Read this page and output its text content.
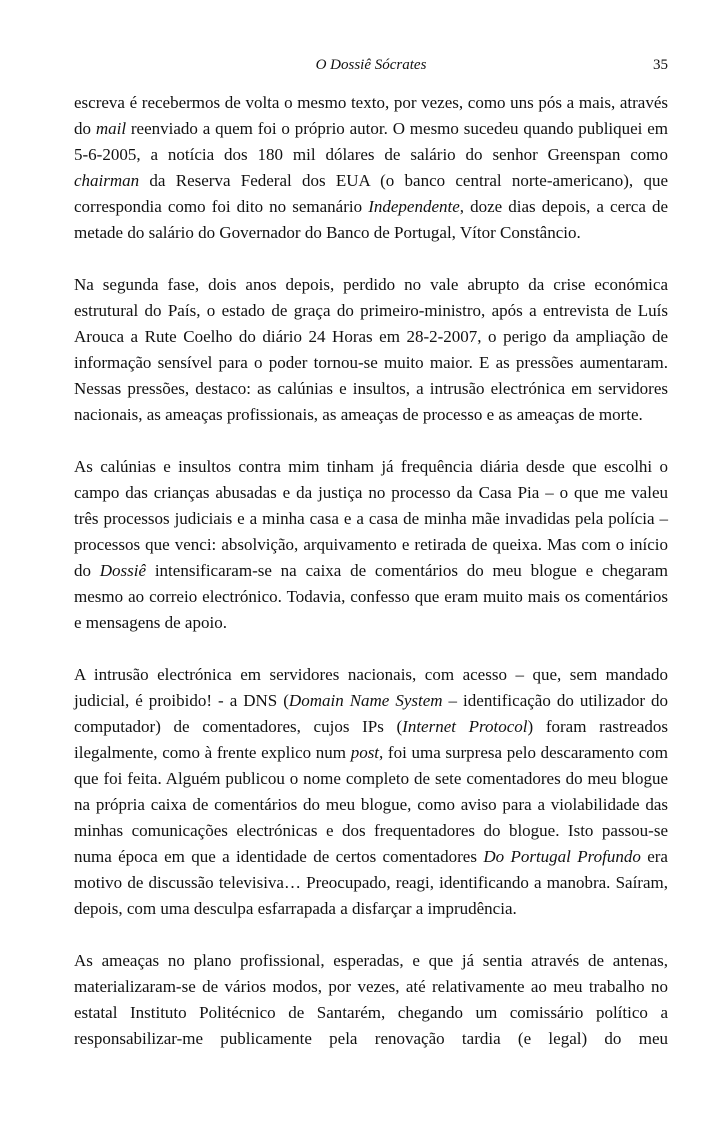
O Dossiê Sócrates	35

escreva é recebermos de volta o mesmo texto, por vezes, como uns pós a mais, através do mail reenviado a quem foi o próprio autor. O mesmo sucedeu quando publiquei em 5-6-2005, a notícia dos 180 mil dólares de salário do senhor Greenspan como chairman da Reserva Federal dos EUA (o banco central norte-americano), que correspondia como foi dito no semanário Independente, doze dias depois, a cerca de metade do salário do Governador do Banco de Portugal, Vítor Constâncio.

Na segunda fase, dois anos depois, perdido no vale abrupto da crise económica estrutural do País, o estado de graça do primeiro-ministro, após a entrevista de Luís Arouca a Rute Coelho do diário 24 Horas em 28-2-2007, o perigo da ampliação de informação sensível para o poder tornou-se muito maior. E as pressões aumentaram. Nessas pressões, destaco: as calúnias e insultos, a intrusão electrónica em servidores nacionais, as ameaças profissionais, as ameaças de processo e as ameaças de morte.

As calúnias e insultos contra mim tinham já frequência diária desde que escolhi o campo das crianças abusadas e da justiça no processo da Casa Pia – o que me valeu três processos judiciais e a minha casa e a casa de minha mãe invadidas pela polícia – processos que venci: absolvição, arquivamento e retirada de queixa. Mas com o início do Dossiê intensificaram-se na caixa de comentários do meu blogue e chegaram mesmo ao correio electrónico. Todavia, confesso que eram muito mais os comentários e mensagens de apoio.

A intrusão electrónica em servidores nacionais, com acesso – que, sem mandado judicial, é proibido! - a DNS (Domain Name System – identificação do utilizador do computador) de comentadores, cujos IPs (Internet Protocol) foram rastreados ilegalmente, como à frente explico num post, foi uma surpresa pelo descaramento com que foi feita. Alguém publicou o nome completo de sete comentadores do meu blogue na própria caixa de comentários do meu blogue, como aviso para a violabilidade das minhas comunicações electrónicas e dos frequentadores do blogue. Isto passou-se numa época em que a identidade de certos comentadores Do Portugal Profundo era motivo de discussão televisiva… Preocupado, reagi, identificando a manobra. Saíram, depois, com uma desculpa esfarrapada a disfarçar a imprudência.

As ameaças no plano profissional, esperadas, e que já sentia através de antenas, materializaram-se de vários modos, por vezes, até relativamente ao meu trabalho no estatal Instituto Politécnico de Santarém, chegando um comissário político a responsabilizar-me publicamente pela renovação tardia (e legal) do meu
